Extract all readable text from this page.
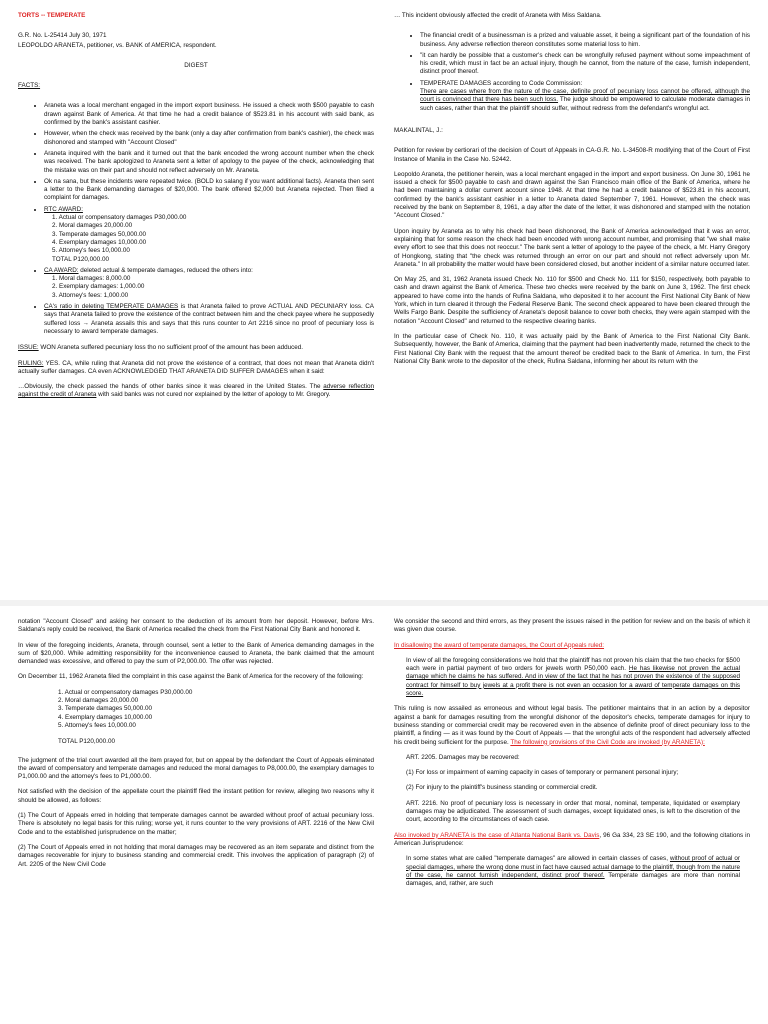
TORTS -- TEMPERATE

G.R. No. L-25414 July 30, 1971

LEOPOLDO ARANETA, petitioner, vs. BANK of AMERICA, respondent.

DIGEST

FACTS:

• Araneta was a local merchant engaged in the import export business. He issued a check woth $500 payable to cash drawn against Bank of America. At that time he had a credit balance of $523.81 in his account with said bank, as confirmed by the bank's assistant cashier.
• However, when the check was received by the bank (only a day after confirmation from bank's cashier), the check was dishonored and stamped with "Account Closed"
• Araneta inquired with the bank and it turned out that the bank encoded the wrong account number when the check was received. The bank apologized to Araneta sent a letter of apology to the payee of the check, acknowledging that the mistake was on their part and should not reflect adversely on Mr. Araneta.
• Ok na sana, but these incidents were repeated twice. (BOLD ko salang if you want additional facts). Araneta then sent a letter to the Bank demanding damages of $20,000. The bank offered $2,000 but Araneta rejected. Then filed a complaint for damages.
• RTC AWARD:
1. Actual or compensatory damages P30,000.00
2. Moral damages 20,000.00
3. Temperate damages 50,000.00
4. Exemplary damages 10,000.00
5. Attorney's fees 10,000.00
TOTAL P120,000.00
• CA AWARD: deleted actual & temperate damages, reduced the others into:
1. Moral damages: 8,000.00
2. Exemplary damages: 1,000.00
3. Attorney's fees: 1,000.00
• CA's ratio in deleting TEMPERATE DAMAGES is that Araneta failed to prove ACTUAL AND PECUNIARY loss. CA says that Araneta failed to prove the existence of the contract between him and the check payee where he supposedly suffered loss → Araneta assails this and says that this runs counter to Art 2216 since no proof of pecuniary loss is necessary to award temperate damages.

ISSUE: WON Araneta suffered pecuniary loss tho no sufficient proof of the amount has been adduced.

RULING: YES. CA, while ruling that Araneta did not prove the existence of a contract, that does not mean that Araneta didn't actually suffer damages. CA even ACKNOWLEDGED THAT ARANETA DID SUFFER DAMAGES when it said:

…Obviously, the check passed the hands of other banks since it was cleared in the United States. The adverse reflection against the credit of Araneta with said banks was not cured nor explained by the letter of apology to Mr. Gregory.

… This incident obviously affected the credit of Araneta with Miss Saldana.

• The financial credit of a businessman is a prized and valuable asset, it being a significant part of the foundation of his business. Any adverse reflection thereon constitutes some material loss to him.
• "it can hardly be possible that a customer's check can be wrongfully refused payment without some impeachment of his credit, which must in fact be an actual injury, though he cannot, from the nature of the case, furnish independent, distinct proof thereof.
• TEMPERATE DAMAGES according to Code Commission:
There are cases where from the nature of the case, definite proof of pecuniary loss cannot be offered, although the court is convinced that there has been such loss. The judge should be empowered to calculate moderate damages in such cases, rather than that the plaintiff should suffer, without redress from the defendant's wrongful act.

MAKALINTAL, J.:

Petition for review by certiorari of the decision of Court of Appeals in CA-G.R. No. L-34508-R modifying that of the Court of First Instance of Manila in the Case No. 52442.

Leopoldo Araneta, the petitioner herein, was a local merchant engaged in the import and export business. On June 30, 1961 he issued a check for $500 payable to cash and drawn against the San Francisco main office of the Bank of America, where he had been maintaining a dollar current account since 1948. At that time he had a credit balance of $523.81 in his account, confirmed by the bank's assistant cashier in a letter to Araneta dated September 7, 1961. However, when the check was received by the bank on September 8, 1961, a day after the date of the letter, it was dishonored and stamped with the notation "Account Closed."

Upon inquiry by Araneta as to why his check had been dishonored, the Bank of America acknowledged that it was an error, explaining that for some reason the check had been encoded with wrong account number, and promising that "we shall make every effort to see that this does not reoccur." The bank sent a letter of apology to the payee of the check, a Mr. Harry Gregory of Hongkong, stating that "the check was returned through an error on our part and should not reflect adversely upon Mr. Araneta." In all probability the matter would have been considered closed, but another incident of a similar nature occurred later.

On May 25, and 31, 1962 Araneta issued Check No. 110 for $500 and Check No. 111 for $150, respectively, both payable to cash and drawn against the Bank of America. These two checks were received by the bank on June 3, 1962. The first check appeared to have come into the hands of Rufina Saldana, who deposited it to her account the First National City Bank of New York, which in turn cleared it through the Federal Reserve Bank. The second check appeared to have been cleared through the Wells Fargo Bank. Despite the sufficiency of Araneta's deposit balance to cover both checks, they were again stamped with the notation "Account Closed" and returned to the respective clearing banks.

In the particular case of Check No. 110, it was actually paid by the Bank of America to the First National City Bank. Subsequently, however, the Bank of America, claiming that the payment had been inadvertently made, returned the check to the First National City Bank with the request that the amount thereof be credited back to the Bank of America. In turn, the First National City Bank wrote to the depositor of the check, Rufina Saldana, informing her about its return with the

notation "Account Closed" and asking her consent to the deduction of its amount from her deposit. However, before Mrs. Saldana's reply could be received, the Bank of America recalled the check from the First National City Bank and honored it.

In view of the foregoing incidents, Araneta, through counsel, sent a letter to the Bank of America demanding damages in the sum of $20,000. While admitting responsibility for the inconvenience caused to Araneta, the bank claimed that the amount demanded was excessive, and offered to pay the sum of P2,000.00. The offer was rejected.

On December 11, 1962 Araneta filed the complaint in this case against the Bank of America for the recovery of the following:

1. Actual or compensatory damages P30,000.00
2. Moral damages 20,000.00
3. Temperate damages 50,000.00
4. Exemplary damages 10,000.00
5. Attorney's fees 10,000.00

TOTAL P120,000.00

The judgment of the trial court awarded all the item prayed for, but on appeal by the defendant the Court of Appeals eliminated the award of compensatory and temperate damages and reduced the moral damages to P8,000.00, the exemplary damages to P1,000.00 and the attorney's fees to P1,000.00.

Not satisfied with the decision of the appellate court the plaintiff filed the instant petition for review, alleging two reasons why it should be allowed, as follows:

(1) The Court of Appeals erred in holding that temperate damages cannot be awarded without proof of actual pecuniary loss. There is absolutely no legal basis for this ruling; worse yet, it runs counter to the very provisions of ART. 2216 of the New Civil Code and to the established jurisprudence on the matter;

(2) The Court of Appeals erred in not holding that moral damages may be recovered as an item separate and distinct from the damages recoverable for injury to business standing and commercial credit. This involves the application of paragraph (2) of Art. 2205 of the New Civil Code

We consider the second and third errors, as they present the issues raised in the petition for review and on the basis of which it was given due course.

In disallowing the award of temperate damages, the Court of Appeals ruled:

In view of all the foregoing considerations we hold that the plaintiff has not proven his claim that the two checks for $500 each were in partial payment of two orders for jewels worth P50,000 each. He has likewise not proven the actual damage which he claims he has suffered. And in view of the fact that he has not proven the existence of the supposed contract for himself to buy jewels at a profit there is not even an occasion for a award of temperate damages on this score.

This ruling is now assailed as erroneous and without legal basis. The petitioner maintains that in an action by a depositor against a bank for damages resulting from the wrongful dishonor of the depositor's checks, temperate damages for injury to business standing or commercial credit may be recovered even in the absence of definite proof of direct pecuniary loss to the plaintiff, a finding — as it was found by the Court of Appeals — that the wrongful acts of the respondent had adversely affected his credit being sufficient for the purpose. The following provisions of the Civil Code are invoked (by ARANETA):

ART. 2205. Damages may be recovered:

(1) For loss or impairment of earning capacity in cases of temporary or permanent personal injury;

(2) For injury to the plaintiff's business standing or commercial credit.

ART. 2216. No proof of pecuniary loss is necessary in order that moral, nominal, temperate, liquidated or exemplary damages may be adjudicated. The assessment of such damages, except liquidated ones, is left to the discretion of the court, according to the circumstances of each case.

Also invoked by ARANETA is the case of Atlanta National Bank vs. Davis, 96 Ga 334, 23 SE 190, and the following citations in American Jurisprudence:

In some states what are called "temperate damages" are allowed in certain classes of cases, without proof of actual or special damages, where the wrong done must in fact have caused actual damage to the plaintiff, though from the nature of the case, he cannot furnish independent, distinct proof thereof. Temperate damages are more than nominal damages, and, rather, are such
